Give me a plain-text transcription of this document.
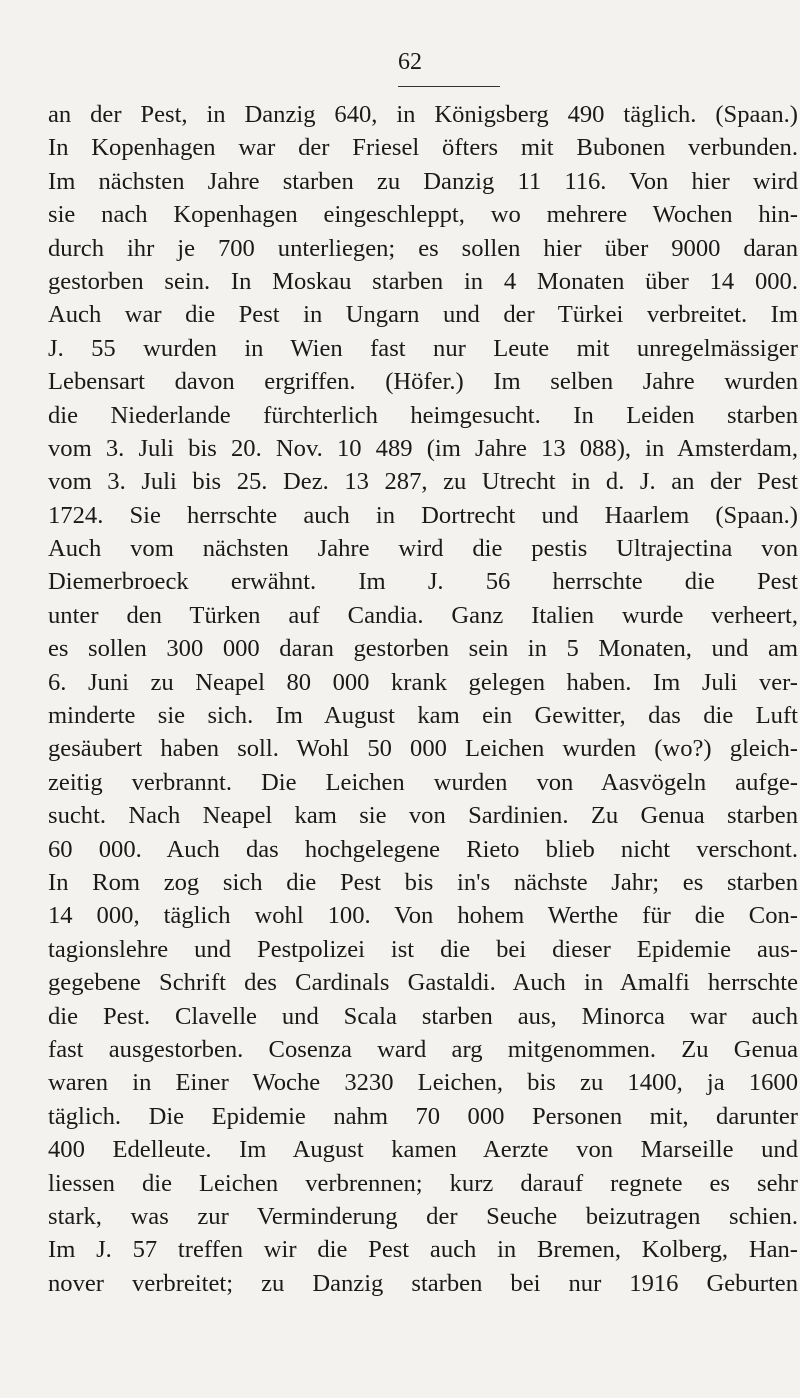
62
an der Pest, in Danzig 640, in Königsberg 490 täglich. (Spaan.)
In Kopenhagen war der Friesel öfters mit Bubonen verbunden.
Im nächsten Jahre starben zu Danzig 11 116. Von hier wird
sie nach Kopenhagen eingeschleppt, wo mehrere Wochen hin-
durch ihr je 700 unterliegen; es sollen hier über 9000 daran
gestorben sein. In Moskau starben in 4 Monaten über 14 000.
Auch war die Pest in Ungarn und der Türkei verbreitet. Im
J. 55 wurden in Wien fast nur Leute mit unregelmässiger
Lebensart davon ergriffen. (Höfer.) Im selben Jahre wurden
die Niederlande fürchterlich heimgesucht. In Leiden starben
vom 3. Juli bis 20. Nov. 10 489 (im Jahre 13 088), in Amsterdam,
vom 3. Juli bis 25. Dez. 13 287, zu Utrecht in d. J. an der Pest
1724. Sie herrschte auch in Dortrecht und Haarlem (Spaan.)
Auch vom nächsten Jahre wird die pestis Ultrajectina von
Diemerbroeck erwähnt. Im J. 56 herrschte die Pest
unter den Türken auf Candia. Ganz Italien wurde verheert,
es sollen 300 000 daran gestorben sein in 5 Monaten, und am
6. Juni zu Neapel 80 000 krank gelegen haben. Im Juli ver-
minderte sie sich. Im August kam ein Gewitter, das die Luft
gesäubert haben soll. Wohl 50 000 Leichen wurden (wo?) gleich-
zeitig verbrannt. Die Leichen wurden von Aasvögeln aufge-
sucht. Nach Neapel kam sie von Sardinien. Zu Genua starben
60 000. Auch das hochgelegene Rieto blieb nicht verschont.
In Rom zog sich die Pest bis in's nächste Jahr; es starben
14 000, täglich wohl 100. Von hohem Werthe für die Con-
tagionslehre und Pestpolizei ist die bei dieser Epidemie aus-
gegebene Schrift des Cardinals Gastaldi. Auch in Amalfi herrschte
die Pest. Clavelle und Scala starben aus, Minorca war auch
fast ausgestorben. Cosenza ward arg mitgenommen. Zu Genua
waren in Einer Woche 3230 Leichen, bis zu 1400, ja 1600
täglich. Die Epidemie nahm 70 000 Personen mit, darunter
400 Edelleute. Im August kamen Aerzte von Marseille und
liessen die Leichen verbrennen; kurz darauf regnete es sehr
stark, was zur Verminderung der Seuche beizutragen schien.
Im J. 57 treffen wir die Pest auch in Bremen, Kolberg, Han-
nover verbreitet; zu Danzig starben bei nur 1916 Geburten
